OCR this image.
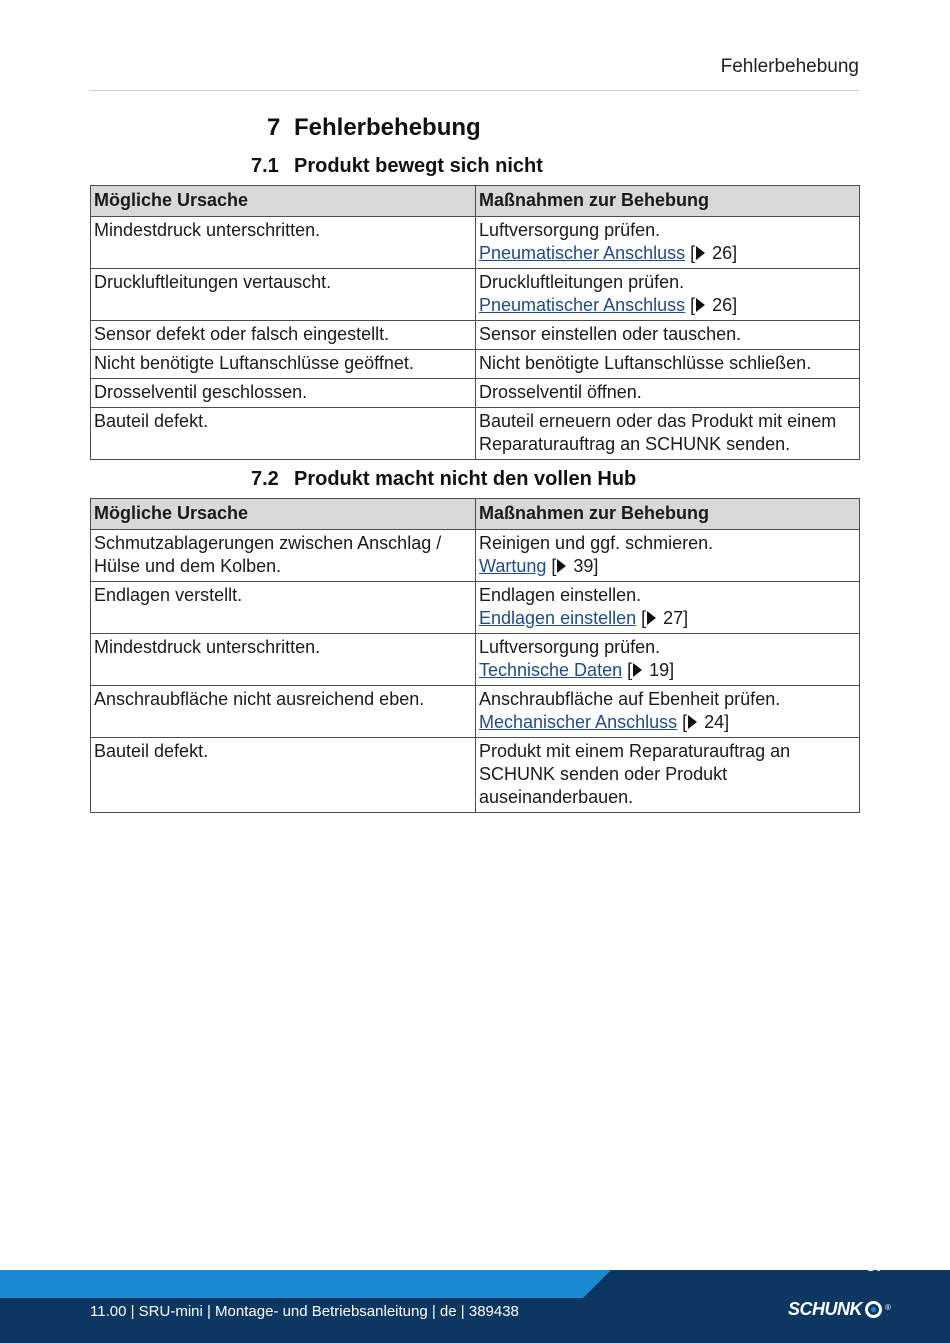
Fehlerbehebung
7 Fehlerbehebung
7.1 Produkt bewegt sich nicht
Mögliche Ursache	Maßnahmen zur Behebung
Mindestdruck unterschritten.	Luftversorgung prüfen.
Pneumatischer Anschluss [ 26]

Druckluftleitungen vertauscht.	Druckluftleitungen prüfen.
Pneumatischer Anschluss [ 26]

Sensor defekt oder falsch eingestellt.	Sensor einstellen oder tauschen.

Nicht benötigte Luftanschlüsse geöffnet.	Nicht benötigte Luftanschlüsse schließen.

Drosselventil geschlossen.	Drosselventil öffnen.

Bauteil defekt.	Bauteil erneuern oder das Produkt mit einem Reparaturauftrag an SCHUNK senden.
7.2 Produkt macht nicht den vollen Hub
Mögliche Ursache	Maßnahmen zur Behebung
Schmutzablagerungen zwischen Anschlag / Hülse und dem Kolben.	Reinigen und ggf. schmieren.
Wartung [ 39]

Endlagen verstellt.	Endlagen einstellen.
Endlagen einstellen [ 27]

Mindestdruck unterschritten.	Luftversorgung prüfen.
Technische Daten [ 19]

Anschraubfläche nicht ausreichend eben.	Anschraubfläche auf Ebenheit prüfen.
Mechanischer Anschluss [ 24]

Bauteil defekt.	Produkt mit einem Reparaturauftrag an SCHUNK senden oder Produkt auseinanderbauen.
37
11.00 | SRU-mini | Montage- und Betriebsanleitung | de | 389438	SCHUNK	®
